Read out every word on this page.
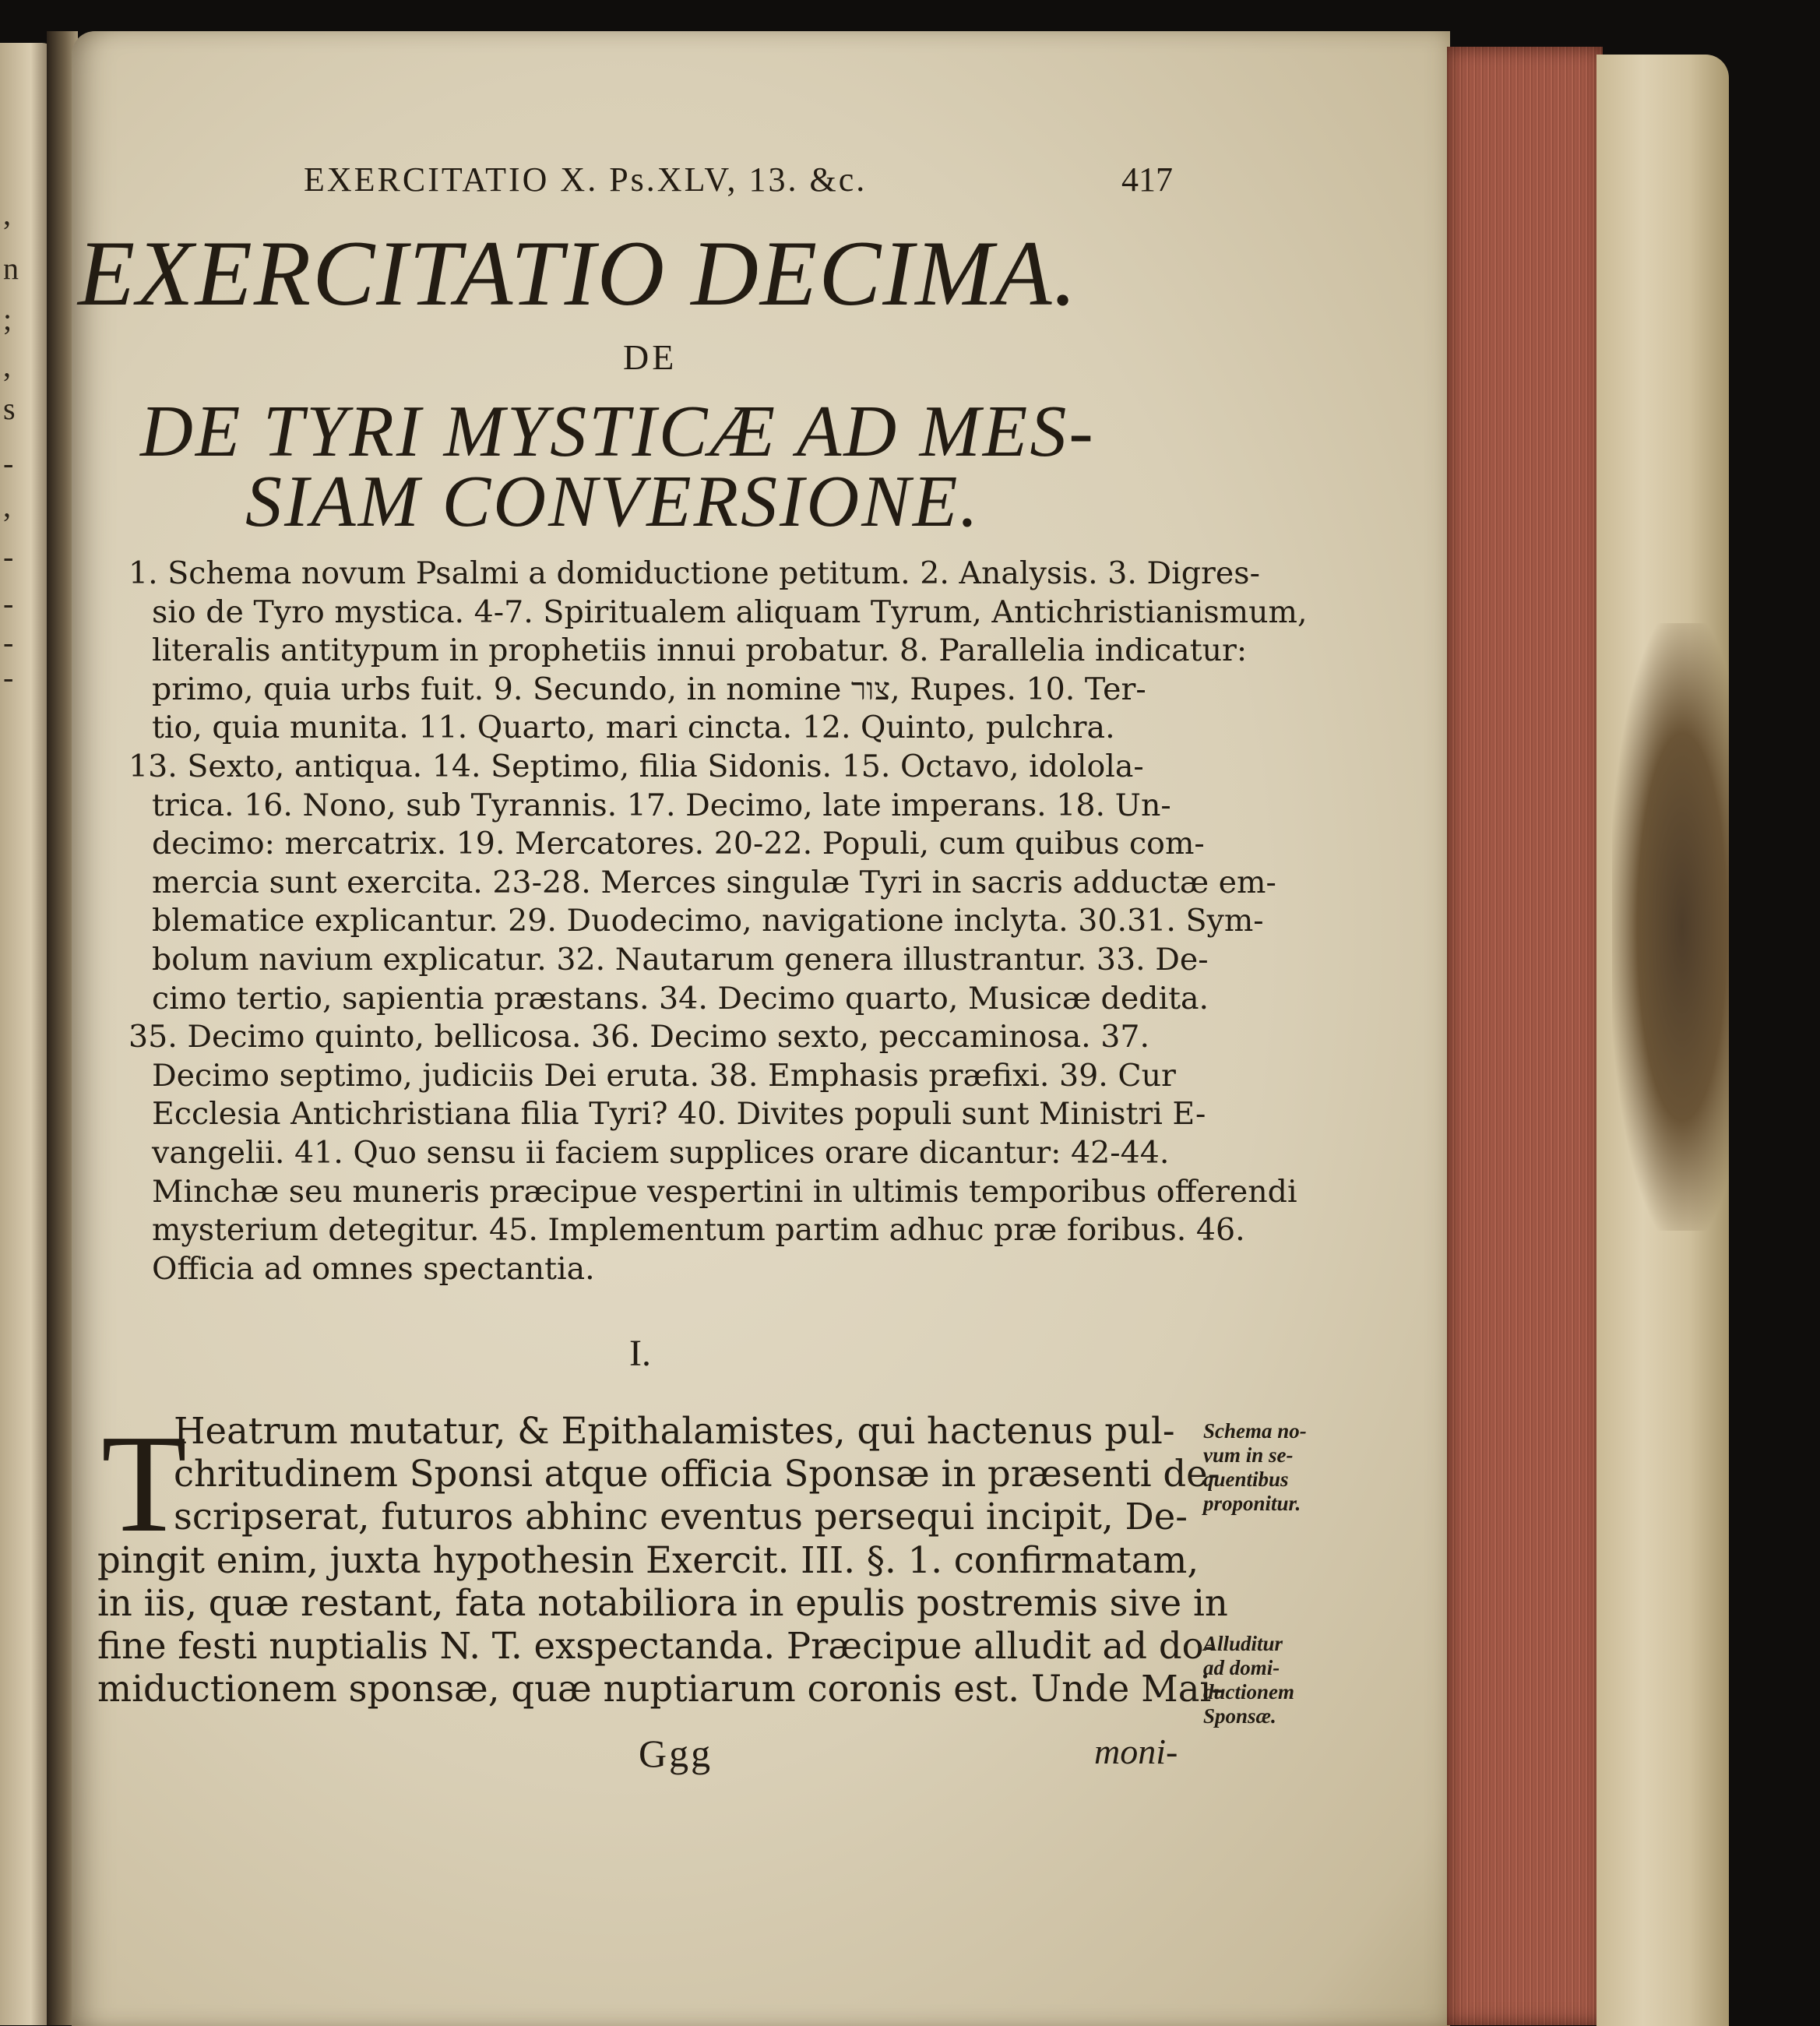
,
n
;
,
s
-
,
-
-
-
-
EXERCITATIO X. Ps.XLV, 13. &c.	417
EXERCITATIO DECIMA.
DE
DE TYRI MYSTICÆ AD MES-
SIAM CONVERSIONE.
1. Schema novum Psalmi a domiductione petitum. 2. Analysis. 3. Digres-
sio de Tyro mystica. 4-7. Spiritualem aliquam Tyrum, Antichristianismum,
literalis antitypum in prophetiis innui probatur. 8. Parallelia indicatur:
primo, quia urbs fuit. 9. Secundo, in nomine צור, Rupes. 10. Ter-
tio, quia munita. 11. Quarto, mari cincta. 12. Quinto, pulchra.
13. Sexto, antiqua. 14. Septimo, filia Sidonis. 15. Octavo, idolola-
trica. 16. Nono, sub Tyrannis. 17. Decimo, late imperans. 18. Un-
decimo: mercatrix. 19. Mercatores. 20-22. Populi, cum quibus com-
mercia sunt exercita. 23-28. Merces singulæ Tyri in sacris adductæ em-
blematice explicantur. 29. Duodecimo, navigatione inclyta. 30.31. Sym-
bolum navium explicatur. 32. Nautarum genera illustrantur. 33. De-
cimo tertio, sapientia præstans. 34. Decimo quarto, Musicæ dedita.
35. Decimo quinto, bellicosa. 36. Decimo sexto, peccaminosa. 37.
Decimo septimo, judiciis Dei eruta. 38. Emphasis præfixi. 39. Cur
Ecclesia Antichristiana filia Tyri? 40. Divites populi sunt Ministri E-
vangelii. 41. Quo sensu ii faciem supplices orare dicantur: 42-44.
Minchæ seu muneris præcipue vespertini in ultimis temporibus offerendi
mysterium detegitur. 45. Implementum partim adhuc præ foribus. 46.
Officia ad omnes spectantia.
I.
T
Heatrum mutatur, & Epithalamistes, qui hactenus pul-
chritudinem Sponsi atque officia Sponsæ in præsenti de-
scripserat, futuros abhinc eventus persequi incipit, De-
pingit enim, juxta hypothesin Exercit. III. §. 1. confirmatam,
in iis, quæ restant, fata notabiliora in epulis postremis sive in
fine festi nuptialis N. T. exspectanda. Præcipue alludit ad do-
miductionem sponsæ, quæ nuptiarum coronis est. Unde Mai-
Ggg	moni-
Schema no-
vum in se-
quentibus
proponitur.
Alluditur
ad domi-
ductionem
Sponsæ.
